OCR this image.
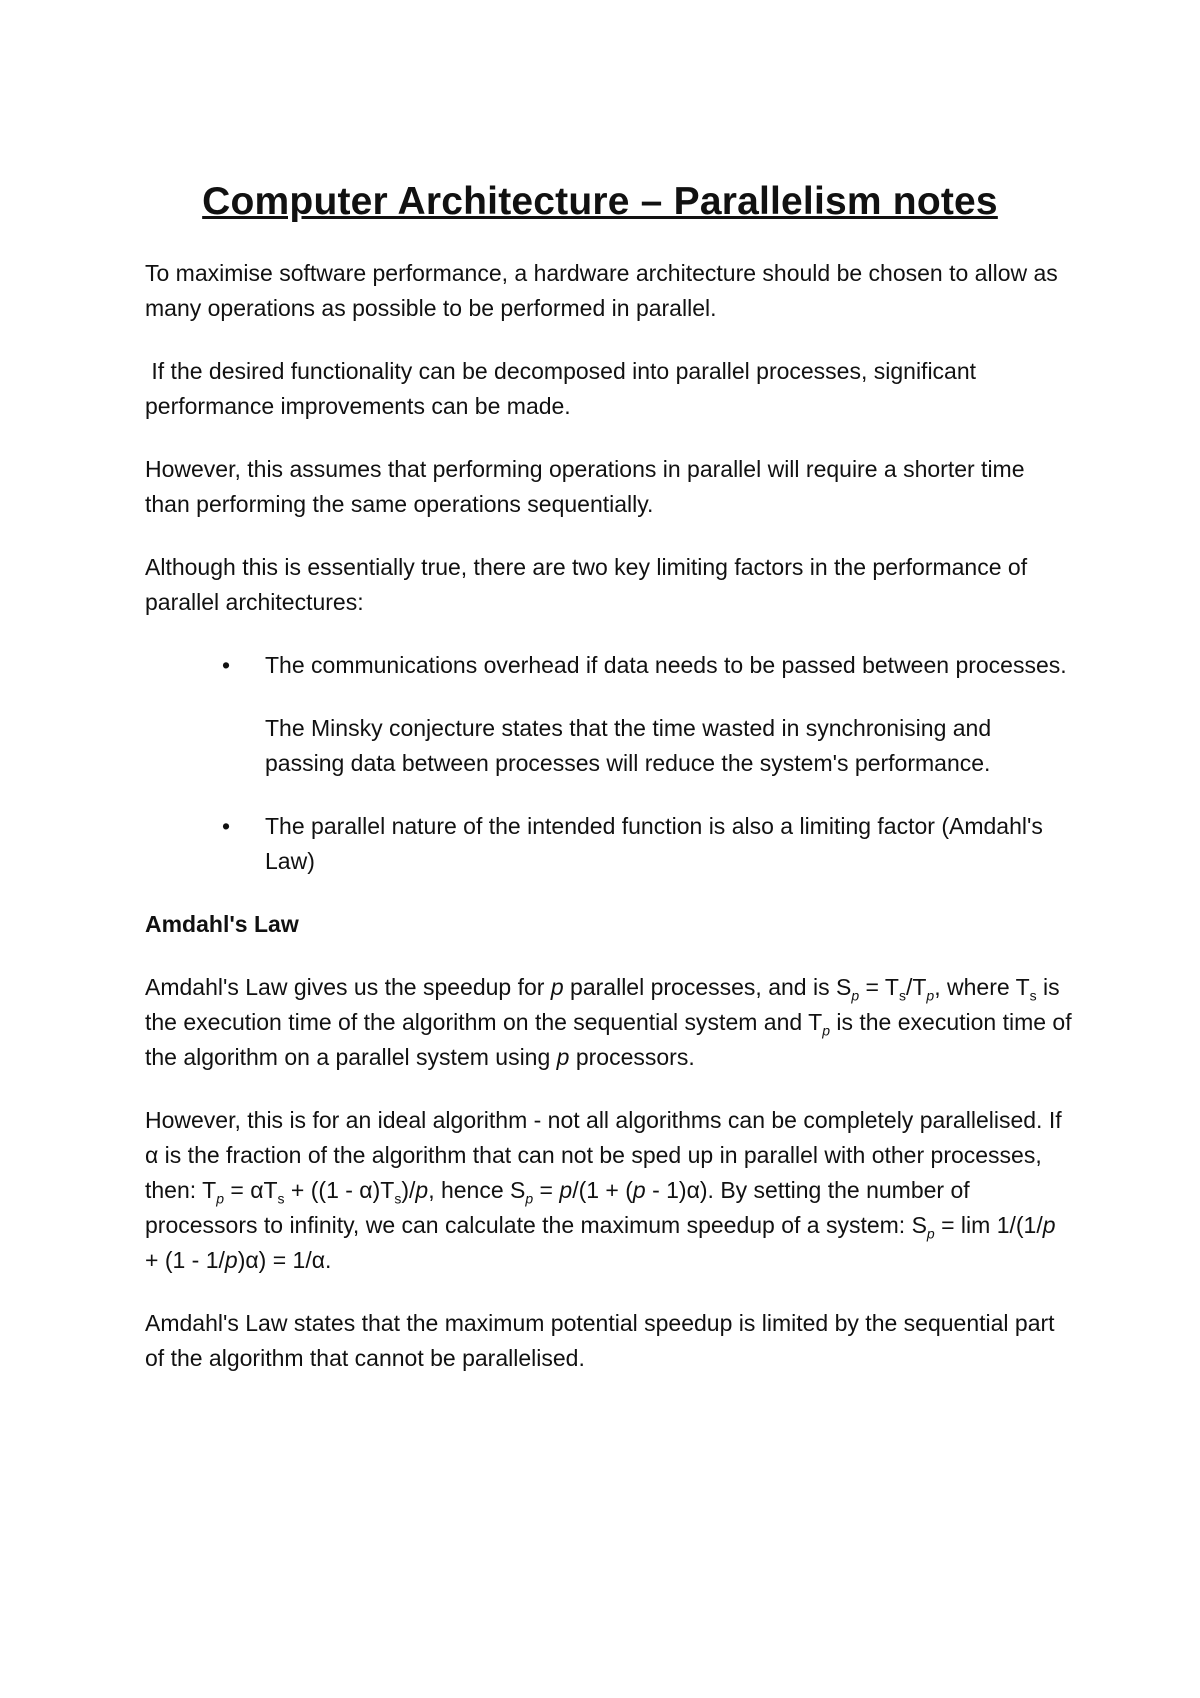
Computer Architecture – Parallelism notes

To maximise software performance, a hardware architecture should be chosen to allow as many operations as possible to be performed in parallel.

If the desired functionality can be decomposed into parallel processes, significant performance improvements can be made.

However, this assumes that performing operations in parallel will require a shorter time than performing the same operations sequentially.

Although this is essentially true, there are two key limiting factors in the performance of parallel architectures:

• The communications overhead if data needs to be passed between processes.

The Minsky conjecture states that the time wasted in synchronising and passing data between processes will reduce the system's performance.

• The parallel nature of the intended function is also a limiting factor (Amdahl's Law)

Amdahl's Law

Amdahl's Law gives us the speedup for p parallel processes, and is $S_p = T_s/T_p$, where $T_s$ is the execution time of the algorithm on the sequential system and $T_p$ is the execution time of the algorithm on a parallel system using p processors.

However, this is for an ideal algorithm - not all algorithms can be completely parallelised. If α is the fraction of the algorithm that can not be sped up in parallel with other processes, then: $T_p = \alpha T_s + ((1 - \alpha)T_s)/p$, hence $S_p = p/(1 + (p - 1)\alpha)$. By setting the number of processors to infinity, we can calculate the maximum speedup of a system: $S_p = \lim 1/(1/p + (1 - 1/p)\alpha) = 1/\alpha$.

Amdahl's Law states that the maximum potential speedup is limited by the sequential part of the algorithm that cannot be parallelised.
